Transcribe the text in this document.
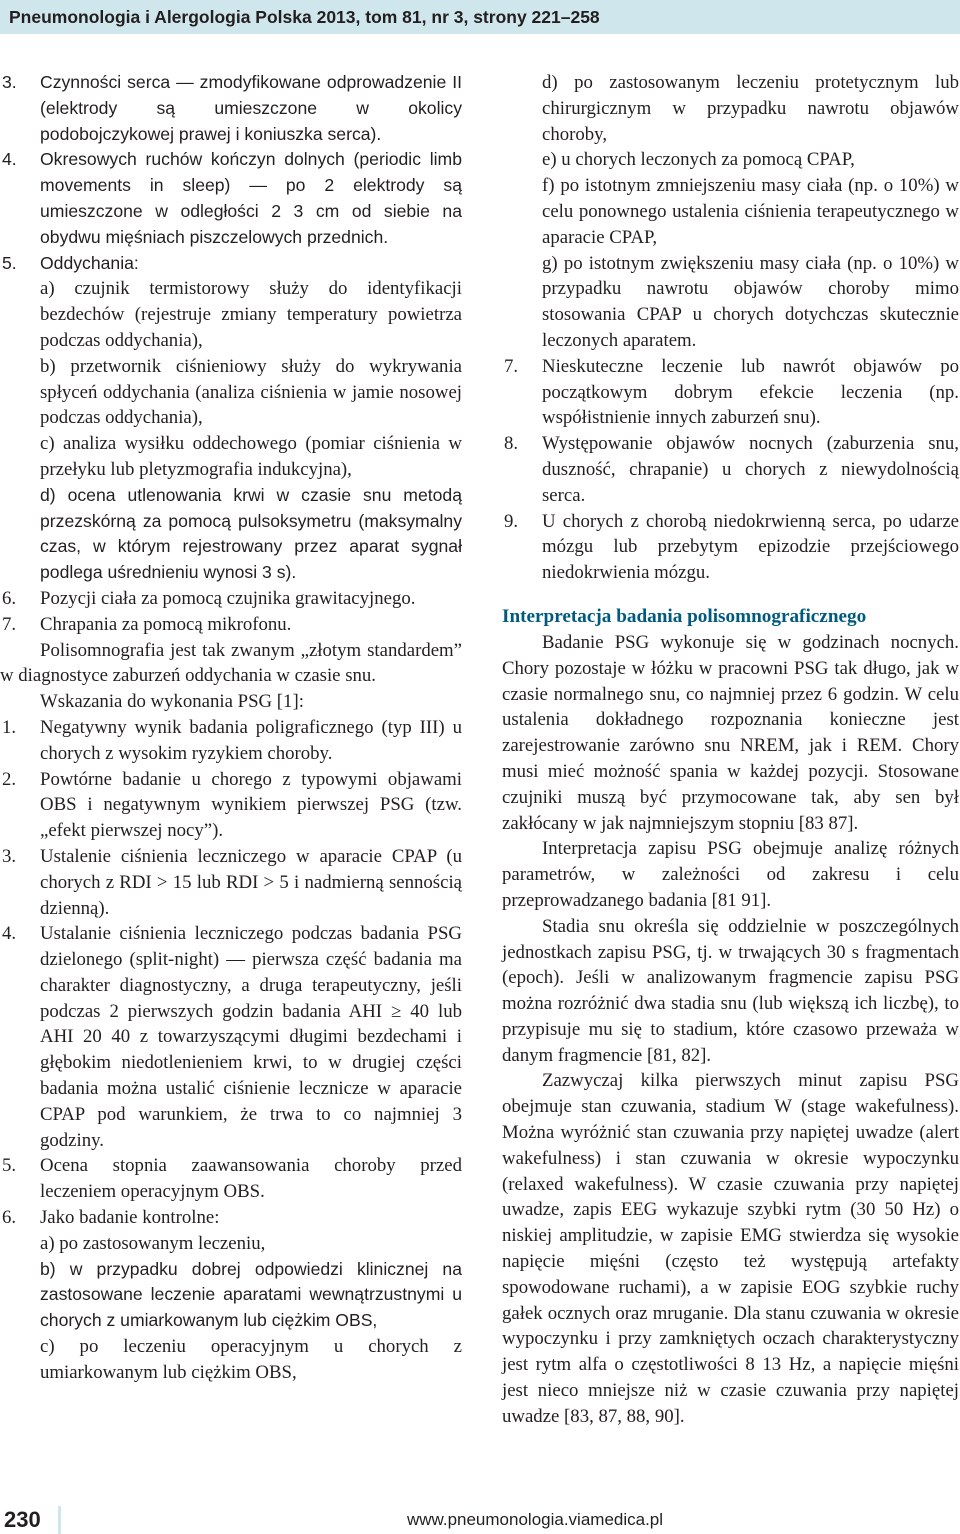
Pneumonologia i Alergologia Polska 2013, tom 81, nr 3, strony 221–258
3. Czynności serca — zmodyfikowane odprowadzenie II (elektrody są umieszczone w okolicy podobojczykowej prawej i koniuszka serca).
4. Okresowych ruchów kończyn dolnych (periodic limb movements in sleep) — po 2 elektrody są umieszczone w odległości 2 3 cm od siebie na obydwu mięśniach piszczelowych przednich.
5. Oddychania:
a) czujnik termistorowy służy do identyfikacji bezdechów (rejestruje zmiany temperatury powietrza podczas oddychania),
b) przetwornik ciśnieniowy służy do wykrywania spłyceń oddychania (analiza ciśnienia w jamie nosowej podczas oddychania),
c) analiza wysiłku oddechowego (pomiar ciśnienia w przełyku lub pletyzmografia indukcyjna),
d) ocena utlenowania krwi w czasie snu metodą przezskórną za pomocą pulsoksymetru (maksymalny czas, w którym rejestrowany przez aparat sygnał podlega uśrednieniu wynosi 3 s).
6. Pozycji ciała za pomocą czujnika grawitacyjnego.
7. Chrapania za pomocą mikrofonu.
Polisomnografia jest tak zwanym „złotym standardem” w diagnostyce zaburzeń oddychania w czasie snu.
Wskazania do wykonania PSG [1]:
1. Negatywny wynik badania poligraficznego (typ III) u chorych z wysokim ryzykiem choroby.
2. Powtórne badanie u chorego z typowymi objawami OBS i negatywnym wynikiem pierwszej PSG (tzw. „efekt pierwszej nocy”).
3. Ustalenie ciśnienia leczniczego w aparacie CPAP (u chorych z RDI > 15 lub RDI > 5 i nadmierną sennością dzienną).
4. Ustalanie ciśnienia leczniczego podczas badania PSG dzielonego (split-night) — pierwsza część badania ma charakter diagnostyczny, a druga terapeutyczny, jeśli podczas 2 pierwszych godzin badania AHI ≥ 40 lub AHI 20 40 z towarzyszącymi długimi bezdechami i głębokim niedotlenieniem krwi, to w drugiej części badania można ustalić ciśnienie lecznicze w aparacie CPAP pod warunkiem, że trwa to co najmniej 3 godziny.
5. Ocena stopnia zaawansowania choroby przed leczeniem operacyjnym OBS.
6. Jako badanie kontrolne:
a) po zastosowanym leczeniu,
b) w przypadku dobrej odpowiedzi klinicznej na zastosowane leczenie aparatami wewnątrzustnymi u chorych z umiarkowanym lub ciężkim OBS,
c) po leczeniu operacyjnym u chorych z umiarkowanym lub ciężkim OBS,
d) po zastosowanym leczeniu protetycznym lub chirurgicznym w przypadku nawrotu objawów choroby,
e) u chorych leczonych za pomocą CPAP,
f) po istotnym zmniejszeniu masy ciała (np. o 10%) w celu ponownego ustalenia ciśnienia terapeutycznego w aparacie CPAP,
g) po istotnym zwiększeniu masy ciała (np. o 10%) w przypadku nawrotu objawów choroby mimo stosowania CPAP u chorych dotychczas skutecznie leczonych aparatem.
7. Nieskuteczne leczenie lub nawrót objawów po początkowym dobrym efekcie leczenia (np. współistnienie innych zaburzeń snu).
8. Występowanie objawów nocnych (zaburzenia snu, duszność, chrapanie) u chorych z niewydolnością serca.
9. U chorych z chorobą niedokrwienną serca, po udarze mózgu lub przebytym epizodzie przejściowego niedokrwienia mózgu.
Interpretacja badania polisomnograficznego
Badanie PSG wykonuje się w godzinach nocnych. Chory pozostaje w łóżku w pracowni PSG tak długo, jak w czasie normalnego snu, co najmniej przez 6 godzin. W celu ustalenia dokładnego rozpoznania konieczne jest zarejestrowanie zarówno snu NREM, jak i REM. Chory musi mieć możność spania w każdej pozycji. Stosowane czujniki muszą być przymocowane tak, aby sen był zakłócany w jak najmniejszym stopniu [83 87].
Interpretacja zapisu PSG obejmuje analizę różnych parametrów, w zależności od zakresu i celu przeprowadzanego badania [81 91].
Stadia snu określa się oddzielnie w poszczególnych jednostkach zapisu PSG, tj. w trwających 30 s fragmentach (epoch). Jeśli w analizowanym fragmencie zapisu PSG można rozróżnić dwa stadia snu (lub większą ich liczbę), to przypisuje mu się to stadium, które czasowo przeważa w danym fragmencie [81, 82].
Zazwyczaj kilka pierwszych minut zapisu PSG obejmuje stan czuwania, stadium W (stage wakefulness). Można wyróżnić stan czuwania przy napiętej uwadze (alert wakefulness) i stan czuwania w okresie wypoczynku (relaxed wakefulness). W czasie czuwania przy napiętej uwadze, zapis EEG wykazuje szybki rytm (30 50 Hz) o niskiej amplitudzie, w zapisie EMG stwierdza się wysokie napięcie mięśni (często też występują artefakty spowodowane ruchami), a w zapisie EOG szybkie ruchy gałek ocznych oraz mruganie. Dla stanu czuwania w okresie wypoczynku i przy zamkniętych oczach charakterystyczny jest rytm alfa o częstotliwości 8 13 Hz, a napięcie mięśni jest nieco mniejsze niż w czasie czuwania przy napiętej uwadze [83, 87, 88, 90].
230	www.pneumonologia.viamedica.pl
